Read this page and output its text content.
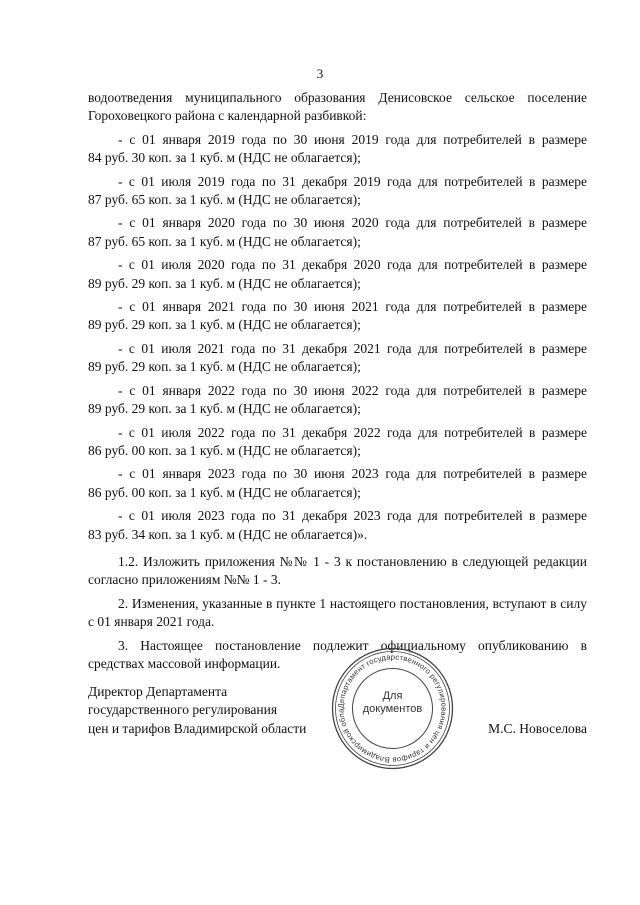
3

водоотведения муниципального образования Денисовское сельское поселение Гороховецкого района с календарной разбивкой:

- с 01 января 2019 года по 30 июня 2019 года для потребителей в размере
84 руб. 30 коп. за 1 куб. м (НДС не облагается);
- с 01 июля 2019 года по 31 декабря 2019 года для потребителей в размере
87 руб. 65 коп. за 1 куб. м (НДС не облагается);
- с 01 января 2020 года по 30 июня 2020 года для потребителей в размере
87 руб. 65 коп. за 1 куб. м (НДС не облагается);
- с 01 июля 2020 года по 31 декабря 2020 года для потребителей в размере
89 руб. 29 коп. за 1 куб. м (НДС не облагается);
- с 01 января 2021 года по 30 июня 2021 года для потребителей в размере
89 руб. 29 коп. за 1 куб. м (НДС не облагается);
- с 01 июля 2021 года по 31 декабря 2021 года для потребителей в размере
89 руб. 29 коп. за 1 куб. м (НДС не облагается);
- с 01 января 2022 года по 30 июня 2022 года для потребителей в размере
89 руб. 29 коп. за 1 куб. м (НДС не облагается);
- с 01 июля 2022 года по 31 декабря 2022 года для потребителей в размере
86 руб. 00 коп. за 1 куб. м (НДС не облагается);
- с 01 января 2023 года по 30 июня 2023 года для потребителей в размере
86 руб. 00 коп. за 1 куб. м (НДС не облагается);
- с 01 июля 2023 года по 31 декабря 2023 года для потребителей в размере
83 руб. 34 коп. за 1 куб. м (НДС не облагается)».

1.2. Изложить приложения №№ 1 - 3 к постановлению в следующей редакции согласно приложениям №№ 1 - 3.

2. Изменения, указанные в пункте 1 настоящего постановления, вступают в силу с 01 января 2021 года.

3. Настоящее постановление подлежит официальному опубликованию в средствах массовой информации.

Директор Департамента
государственного регулирования
цен и тарифов Владимирской области	М.С. Новоселова
Департамент государственного регулирования цен и тарифов Владимирской обла
Для
документов
